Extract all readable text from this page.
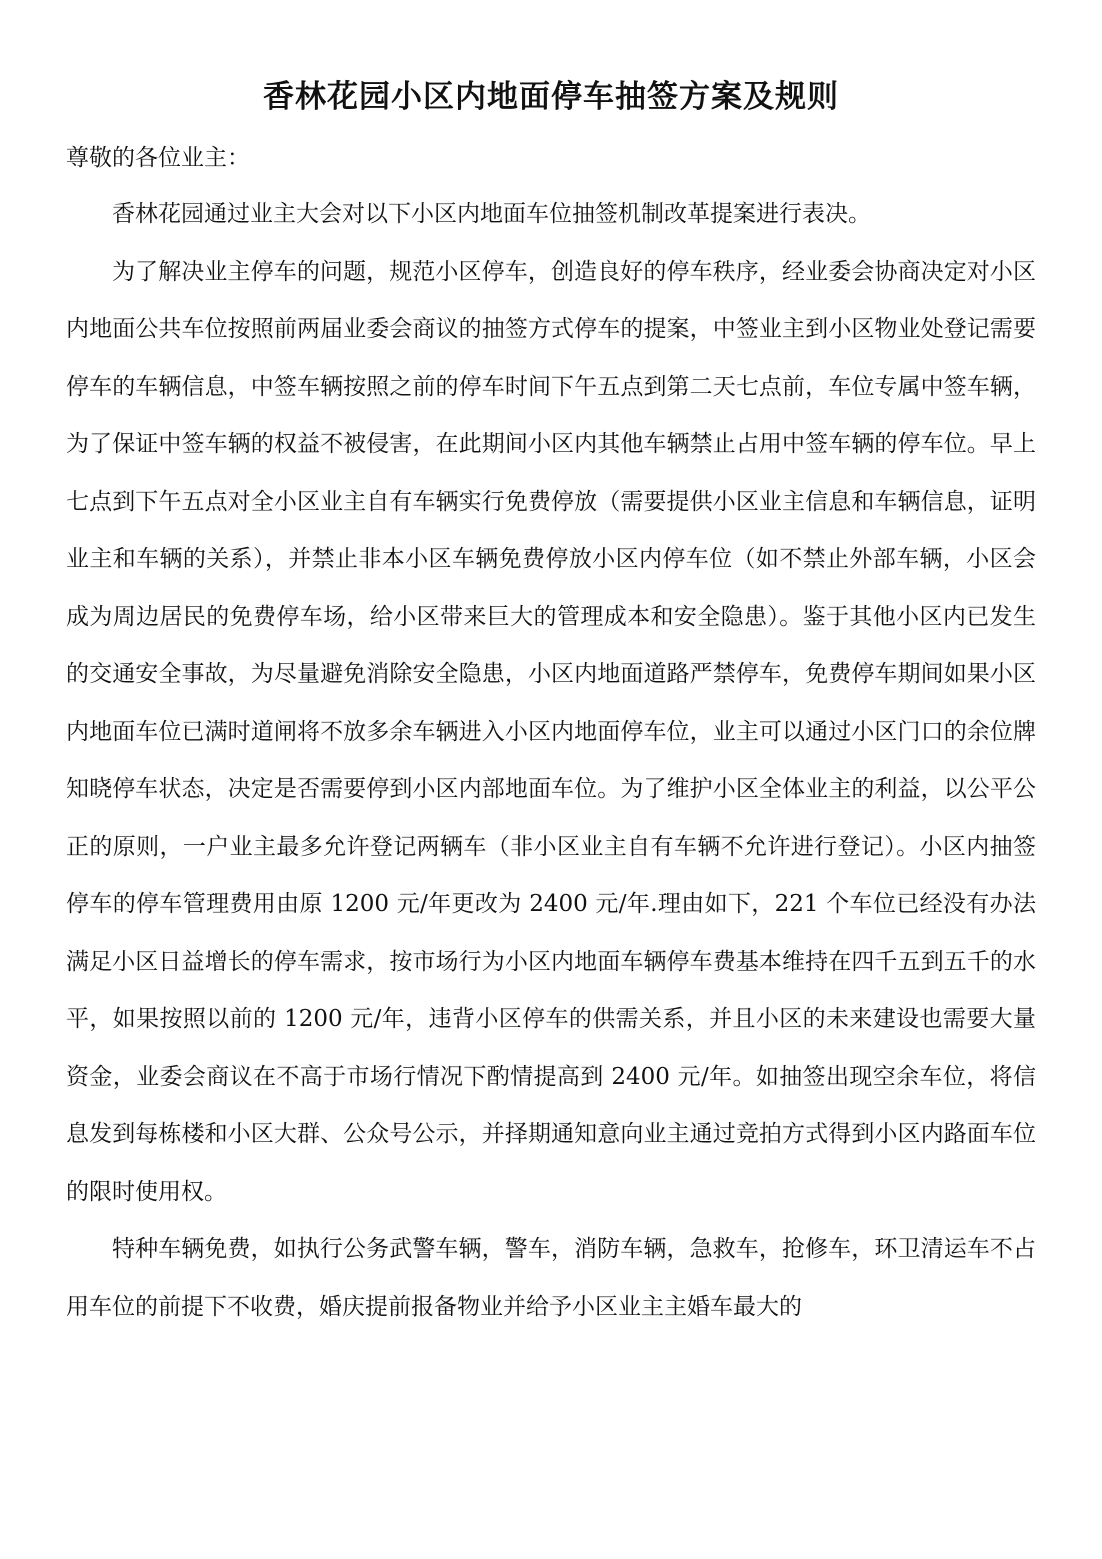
香林花园小区内地面停车抽签方案及规则

尊敬的各位业主：

香林花园通过业主大会对以下小区内地面车位抽签机制改革提案进行表决。

为了解决业主停车的问题，规范小区停车，创造良好的停车秩序，经业委会协商决定对小区内地面公共车位按照前两届业委会商议的抽签方式停车的提案，中签业主到小区物业处登记需要停车的车辆信息，中签车辆按照之前的停车时间下午五点到第二天七点前，车位专属中签车辆，为了保证中签车辆的权益不被侵害，在此期间小区内其他车辆禁止占用中签车辆的停车位。早上七点到下午五点对全小区业主自有车辆实行免费停放（需要提供小区业主信息和车辆信息，证明业主和车辆的关系），并禁止非本小区车辆免费停放小区内停车位（如不禁止外部车辆，小区会成为周边居民的免费停车场，给小区带来巨大的管理成本和安全隐患）。鉴于其他小区内已发生的交通安全事故，为尽量避免消除安全隐患，小区内地面道路严禁停车，免费停车期间如果小区内地面车位已满时道闸将不放多余车辆进入小区内地面停车位，业主可以通过小区门口的余位牌知晓停车状态，决定是否需要停到小区内部地面车位。为了维护小区全体业主的利益，以公平公正的原则，一户业主最多允许登记两辆车（非小区业主自有车辆不允许进行登记）。小区内抽签停车的停车管理费用由原 1200 元/年更改为 2400 元/年.理由如下，221 个车位已经没有办法满足小区日益增长的停车需求，按市场行为小区内地面车辆停车费基本维持在四千五到五千的水平，如果按照以前的 1200 元/年，违背小区停车的供需关系，并且小区的未来建设也需要大量资金，业委会商议在不高于市场行情况下酌情提高到 2400 元/年。如抽签出现空余车位，将信息发到每栋楼和小区大群、公众号公示，并择期通知意向业主通过竞拍方式得到小区内路面车位的限时使用权。

特种车辆免费，如执行公务武警车辆，警车，消防车辆，急救车，抢修车，环卫清运车不占用车位的前提下不收费，婚庆提前报备物业并给予小区业主主婚车最大的
